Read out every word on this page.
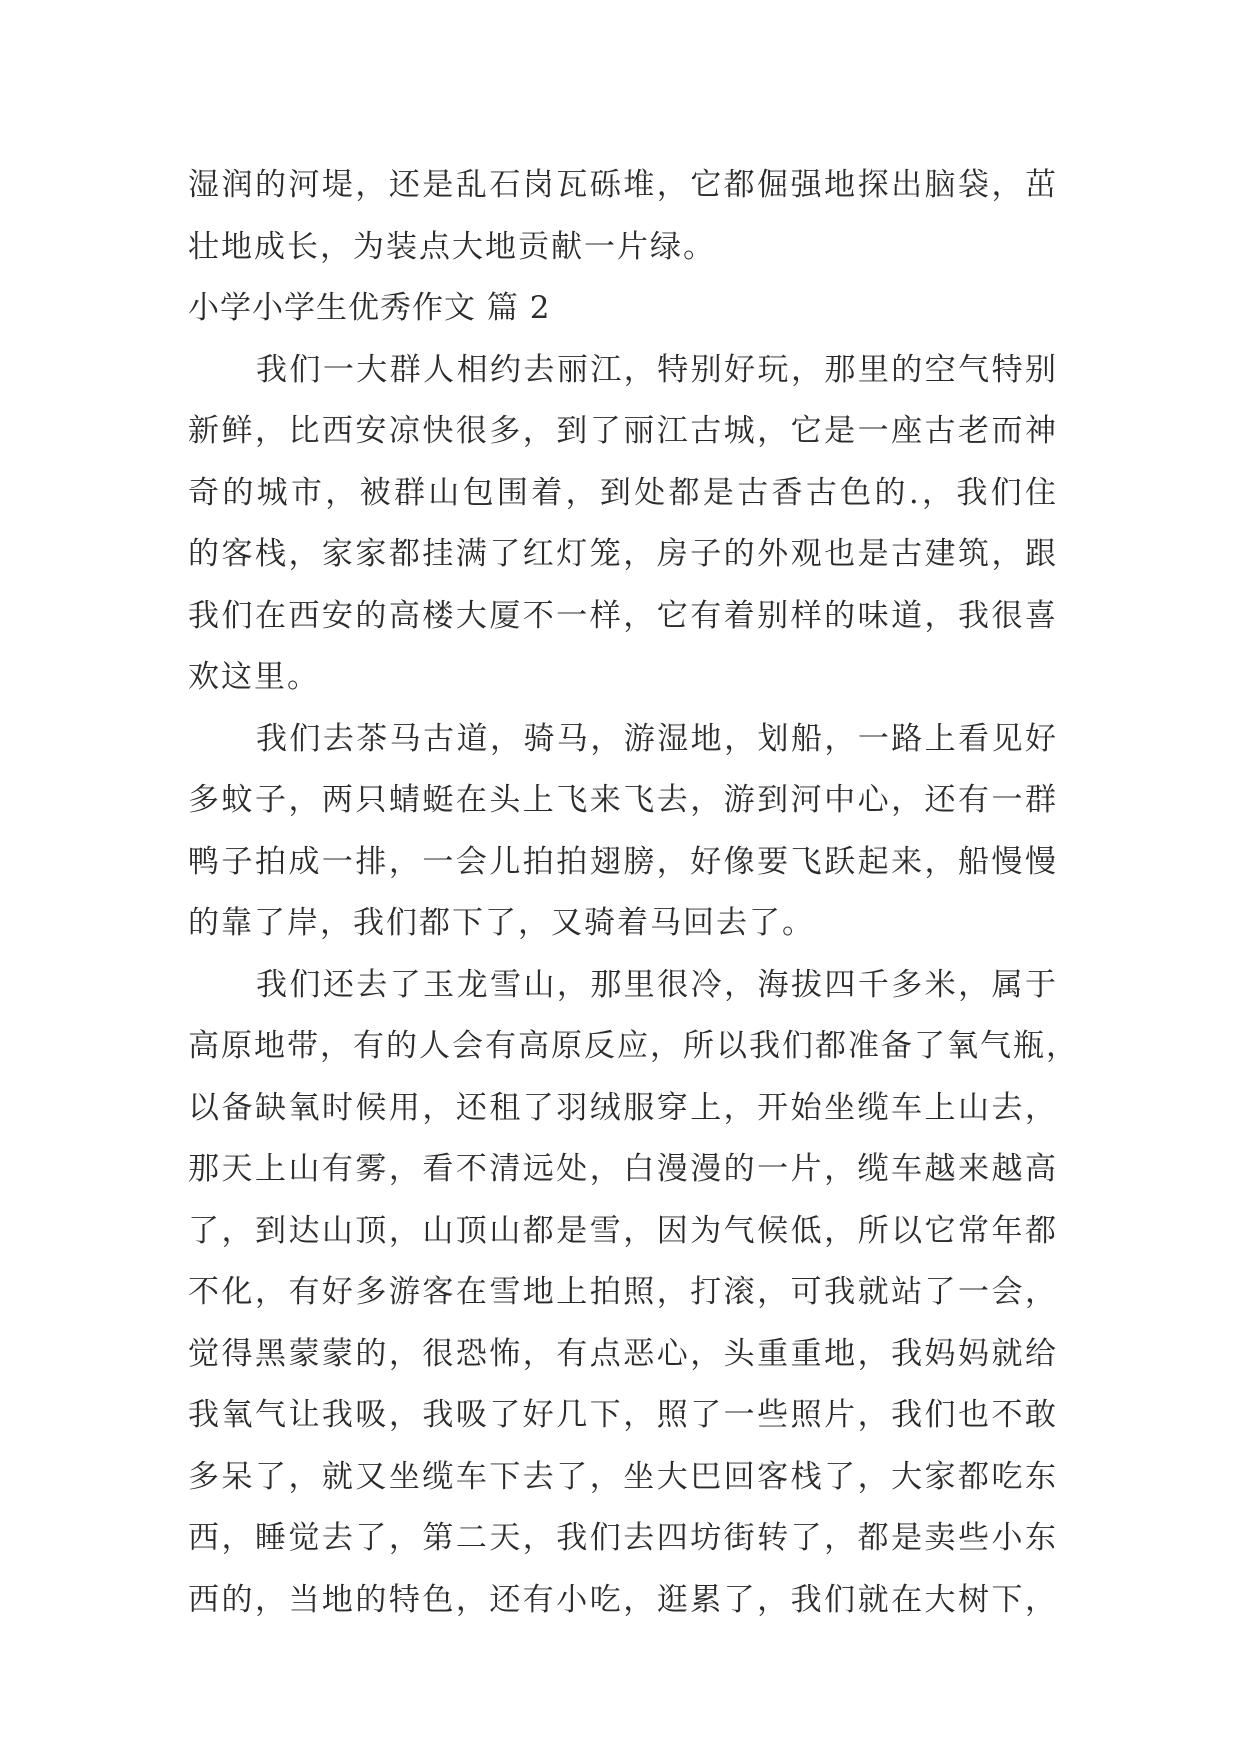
湿润的河堤，还是乱石岗瓦砾堆，它都倔强地探出脑袋，茁
壮地成长，为装点大地贡献一片绿。
小学小学生优秀作文 篇 2
我们一大群人相约去丽江，特别好玩，那里的空气特别
新鲜，比西安凉快很多，到了丽江古城，它是一座古老而神
奇的城市，被群山包围着，到处都是古香古色的.，我们住
的客栈，家家都挂满了红灯笼，房子的外观也是古建筑，跟
我们在西安的高楼大厦不一样，它有着别样的味道，我很喜
欢这里。
我们去茶马古道，骑马，游湿地，划船，一路上看见好
多蚊子，两只蜻蜓在头上飞来飞去，游到河中心，还有一群
鸭子拍成一排，一会儿拍拍翅膀，好像要飞跃起来，船慢慢
的靠了岸，我们都下了，又骑着马回去了。
我们还去了玉龙雪山，那里很冷，海拔四千多米，属于
高原地带，有的人会有高原反应，所以我们都准备了氧气瓶，
以备缺氧时候用，还租了羽绒服穿上，开始坐缆车上山去，
那天上山有雾，看不清远处，白漫漫的一片，缆车越来越高
了，到达山顶，山顶山都是雪，因为气候低，所以它常年都
不化，有好多游客在雪地上拍照，打滚，可我就站了一会，
觉得黑蒙蒙的，很恐怖，有点恶心，头重重地，我妈妈就给
我氧气让我吸，我吸了好几下，照了一些照片，我们也不敢
多呆了，就又坐缆车下去了，坐大巴回客栈了，大家都吃东
西，睡觉去了，第二天，我们去四坊街转了，都是卖些小东
西的，当地的特色，还有小吃，逛累了，我们就在大树下，
